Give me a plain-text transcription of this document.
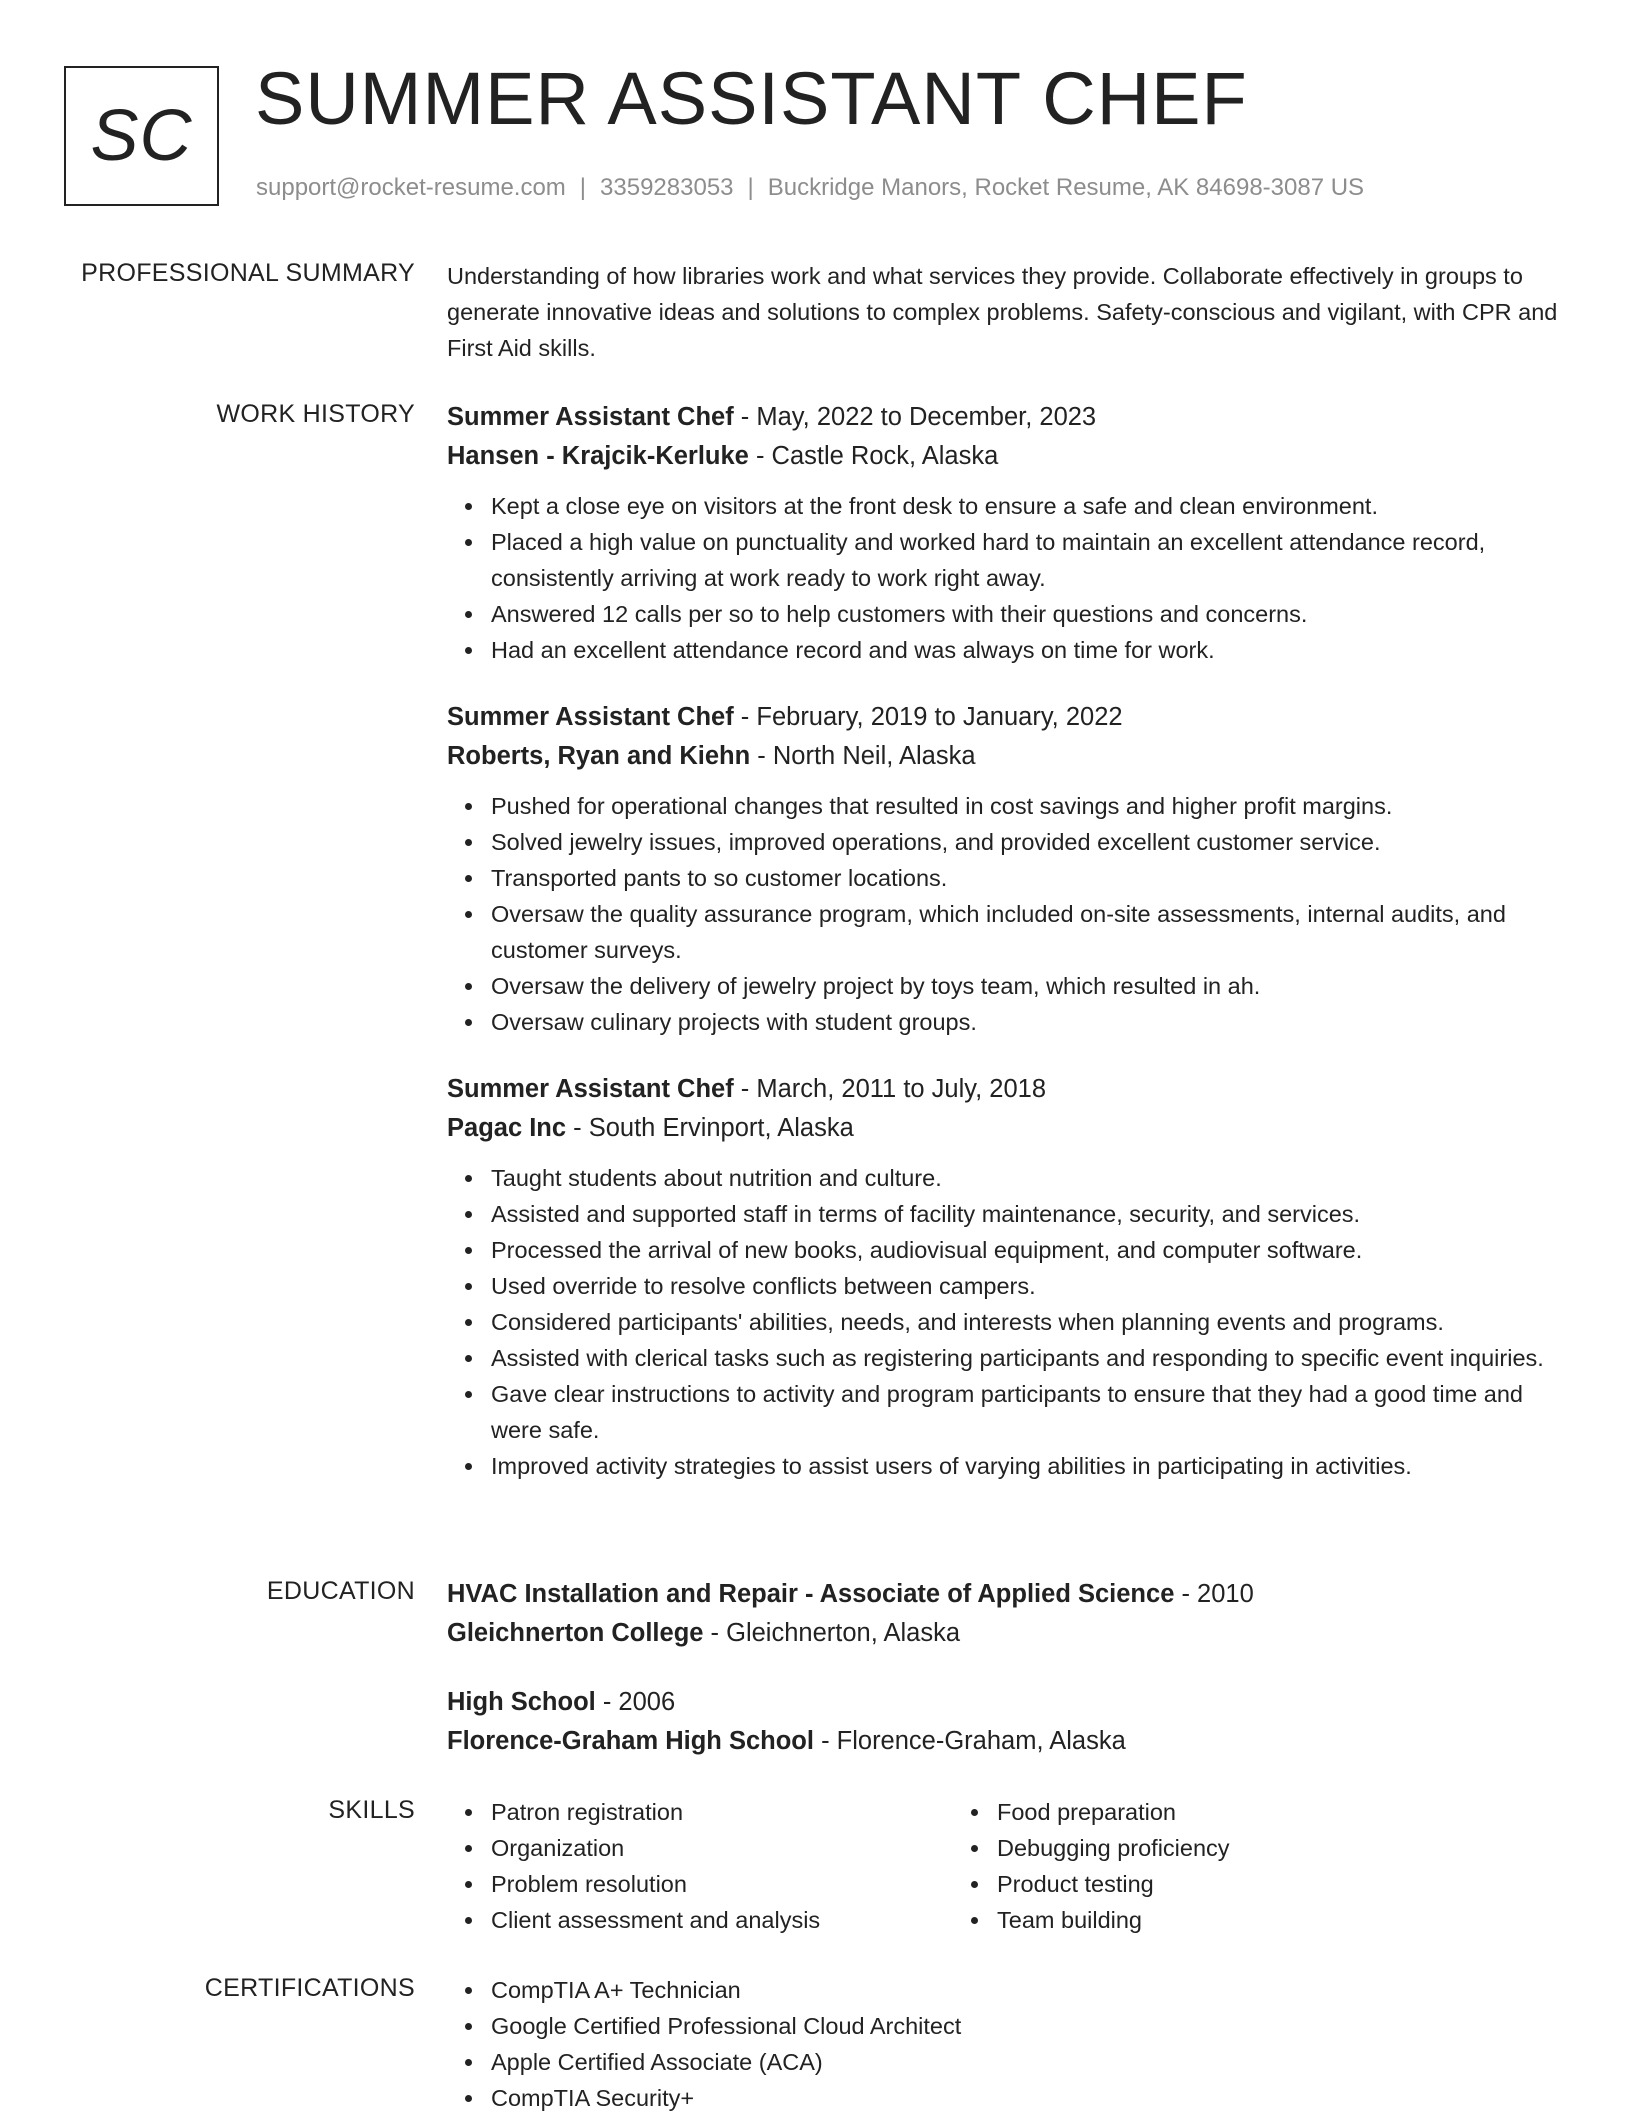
SC SUMMER ASSISTANT CHEF
support@rocket-resume.com | 3359283053 | Buckridge Manors, Rocket Resume, AK 84698-3087 US
PROFESSIONAL SUMMARY Understanding of how libraries work and what services they provide. Collaborate effectively in groups to generate innovative ideas and solutions to complex problems. Safety-conscious and vigilant, with CPR and First Aid skills.

WORK HISTORY Summer Assistant Chef - May, 2022 to December, 2023
Hansen - Krajcik-Kerluke - Castle Rock, Alaska
Kept a close eye on visitors at the front desk to ensure a safe and clean environment.
Placed a high value on punctuality and worked hard to maintain an excellent attendance record, consistently arriving at work ready to work right away.
Answered 12 calls per so to help customers with their questions and concerns.
Had an excellent attendance record and was always on time for work.
Summer Assistant Chef - February, 2019 to January, 2022
Roberts, Ryan and Kiehn - North Neil, Alaska
Pushed for operational changes that resulted in cost savings and higher profit margins.
Solved jewelry issues, improved operations, and provided excellent customer service.
Transported pants to so customer locations.
Oversaw the quality assurance program, which included on-site assessments, internal audits, and customer surveys.
Oversaw the delivery of jewelry project by toys team, which resulted in ah.
Oversaw culinary projects with student groups.
Summer Assistant Chef - March, 2011 to July, 2018
Pagac Inc - South Ervinport, Alaska
Taught students about nutrition and culture.
Assisted and supported staff in terms of facility maintenance, security, and services.
Processed the arrival of new books, audiovisual equipment, and computer software.
Used override to resolve conflicts between campers.
Considered participants' abilities, needs, and interests when planning events and programs.
Assisted with clerical tasks such as registering participants and responding to specific event inquiries.
Gave clear instructions to activity and program participants to ensure that they had a good time and were safe.
Improved activity strategies to assist users of varying abilities in participating in activities.
EDUCATION HVAC Installation and Repair - Associate of Applied Science - 2010
Gleichnerton College - Gleichnerton, Alaska
High School - 2006
Florence-Graham High School - Florence-Graham, Alaska
SKILLS	Patron registration
Organization
Problem resolution
Client assessment and analysis
Food preparation
Debugging proficiency
Product testing
Team building
CERTIFICATIONS	CompTIA A+ Technician
Google Certified Professional Cloud Architect
Apple Certified Associate (ACA)
CompTIA Security+
